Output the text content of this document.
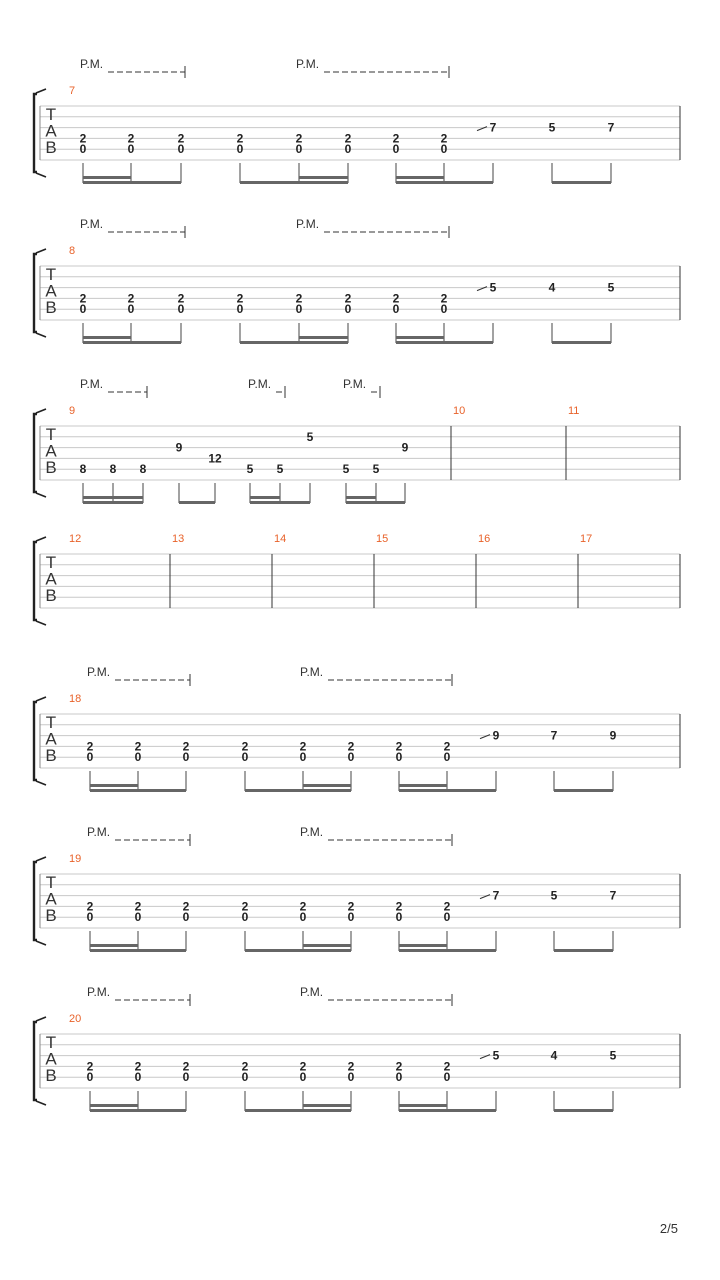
T
A
B
7
P.M.	P.M.
2
0
2
0
2
0
2
0
2
0
2
0
2
0
2
0
7	5	7
T
A
B
8
P.M.	P.M.
2
0
2
0
2
0
2
0
2
0
2
0
2
0
2
0
5	4	5
T
A
B
9	10	11
P.M.	P.M.	P.M.
8 8 8
9
12
5 5
5
5 5
9
T
A
B
12	13	14	15	16	17
T
A
B
18
P.M.	P.M.
2
0
2
0
2
0
2
0
2
0
2
0
2
0
2
0
9	7	9
T
A
B
19
P.M.	P.M.
2
0
2
0
2
0
2
0
2
0
2
0
2
0
2
0
7	5	7
T
A
B
20
P.M.	P.M.
2
0
2
0
2
0
2
0
2
0
2
0
2
0
2
0
5	4	5
2/5
